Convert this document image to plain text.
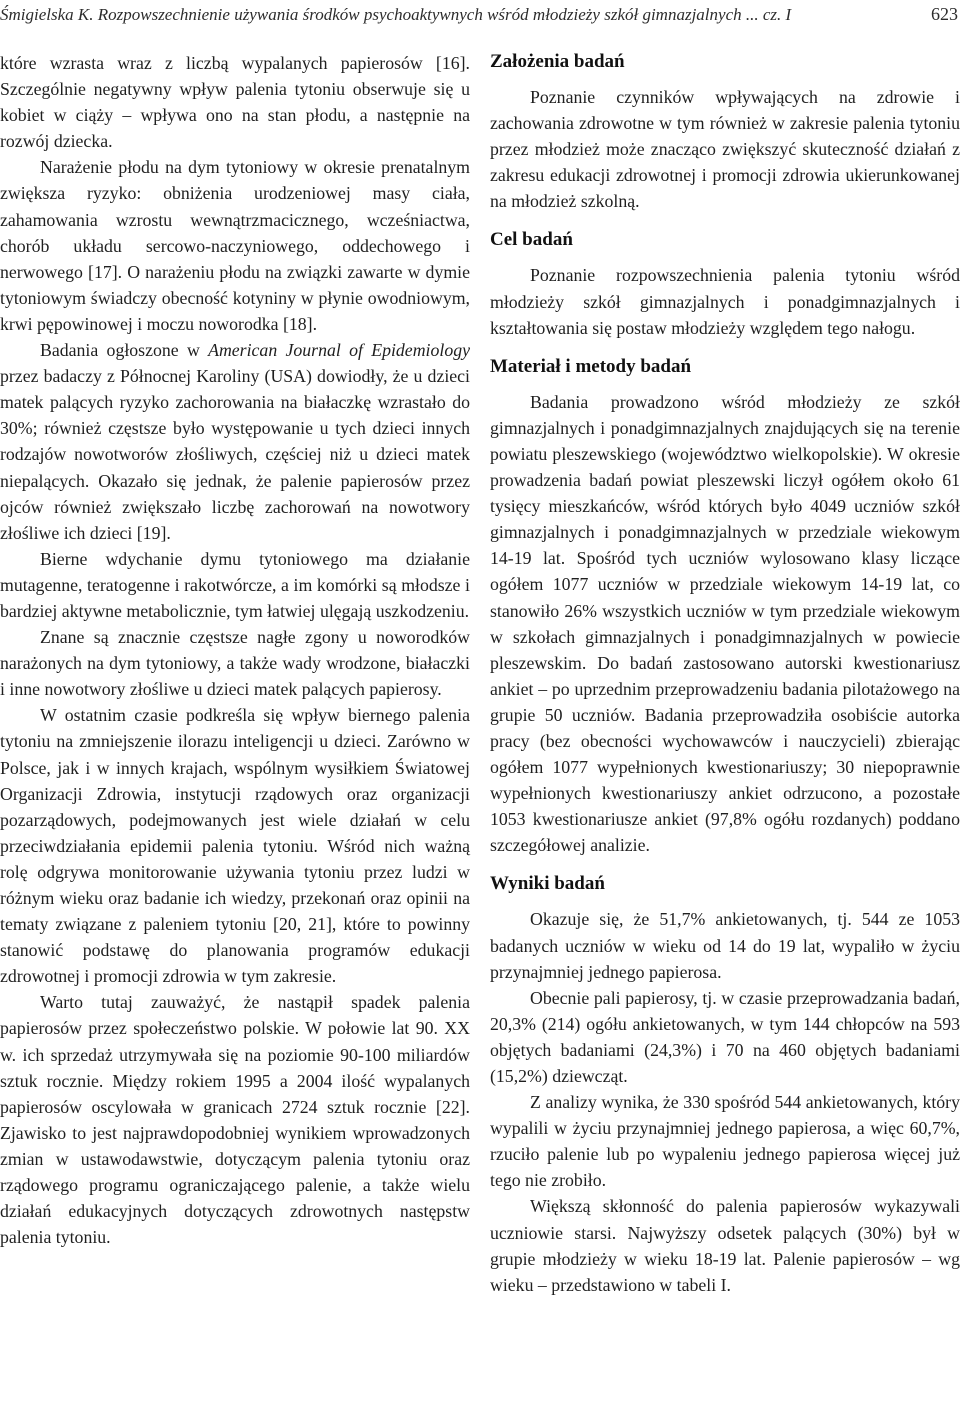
Śmigielska K. Rozpowszechnienie używania środków psychoaktywnych wśród młodzieży szkół gimnazjalnych ... cz. I	623

które wzrasta wraz z liczbą wypalanych papierosów [16]. Szczególnie negatywny wpływ palenia tytoniu obserwuje się u kobiet w ciąży – wpływa ono na stan płodu, a następnie na rozwój dziecka.

Narażenie płodu na dym tytoniowy w okresie prenatalnym zwiększa ryzyko: obniżenia urodzeniowej masy ciała, zahamowania wzrostu wewnątrzmacicznego, wcześniactwa, chorób układu sercowo-naczyniowego, oddechowego i nerwowego [17]. O narażeniu płodu na związki zawarte w dymie tytoniowym świadczy obecność kotyniny w płynie owodniowym, krwi pępowinowej i moczu noworodka [18].

Badania ogłoszone w American Journal of Epidemiology przez badaczy z Północnej Karoliny (USA) dowiodły, że u dzieci matek palących ryzyko zachorowania na białaczkę wzrastało do 30%; również częstsze było występowanie u tych dzieci innych rodzajów nowotworów złośliwych, częściej niż u dzieci matek niepalących. Okazało się jednak, że palenie papierosów przez ojców również zwiększało liczbę zachorowań na nowotwory złośliwe ich dzieci [19].

Bierne wdychanie dymu tytoniowego ma działanie mutagenne, teratogenne i rakotwórcze, a im komórki są młodsze i bardziej aktywne metabolicznie, tym łatwiej ulęgają uszkodzeniu.

Znane są znacznie częstsze nagłe zgony u noworodków narażonych na dym tytoniowy, a także wady wrodzone, białaczki i inne nowotwory złośliwe u dzieci matek palących papierosy.

W ostatnim czasie podkreśla się wpływ biernego palenia tytoniu na zmniejszenie ilorazu inteligencji u dzieci. Zarówno w Polsce, jak i w innych krajach, wspólnym wysiłkiem Światowej Organizacji Zdrowia, instytucji rządowych oraz organizacji pozarządowych, podejmowanych jest wiele działań w celu przeciwdziałania epidemii palenia tytoniu. Wśród nich ważną rolę odgrywa monitorowanie używania tytoniu przez ludzi w różnym wieku oraz badanie ich wiedzy, przekonań oraz opinii na tematy związane z paleniem tytoniu [20, 21], które to powinny stanowić podstawę do planowania programów edukacji zdrowotnej i promocji zdrowia w tym zakresie.

Warto tutaj zauważyć, że nastąpił spadek palenia papierosów przez społeczeństwo polskie. W połowie lat 90. XX w. ich sprzedaż utrzymywała się na poziomie 90-100 miliardów sztuk rocznie. Między rokiem 1995 a 2004 ilość wypalanych papierosów oscylowała w granicach 2724 sztuk rocznie [22]. Zjawisko to jest najprawdopodobniej wynikiem wprowadzonych zmian w ustawodawstwie, dotyczącym palenia tytoniu oraz rządowego programu ograniczającego palenie, a także wielu działań edukacyjnych dotyczących zdrowotnych następstw palenia tytoniu.

Założenia badań

Poznanie czynników wpływających na zdrowie i zachowania zdrowotne w tym również w zakresie palenia tytoniu przez młodzież może znacząco zwiększyć skuteczność działań z zakresu edukacji zdrowotnej i promocji zdrowia ukierunkowanej na młodzież szkolną.

Cel badań

Poznanie rozpowszechnienia palenia tytoniu wśród młodzieży szkół gimnazjalnych i ponadgimnazjalnych i kształtowania się postaw młodzieży względem tego nałogu.

Materiał i metody badań

Badania prowadzono wśród młodzieży ze szkół gimnazjalnych i ponadgimnazjalnych znajdujących się na terenie powiatu pleszewskiego (województwo wielkopolskie). W okresie prowadzenia badań powiat pleszewski liczył ogółem około 61 tysięcy mieszkańców, wśród których było 4049 uczniów szkół gimnazjalnych i ponadgimnazjalnych w przedziale wiekowym 14-19 lat. Spośród tych uczniów wylosowano klasy liczące ogółem 1077 uczniów w przedziale wiekowym 14-19 lat, co stanowiło 26% wszystkich uczniów w tym przedziale wiekowym w szkołach gimnazjalnych i ponadgimnazjalnych w powiecie pleszewskim. Do badań zastosowano autorski kwestionariusz ankiet – po uprzednim przeprowadzeniu badania pilotażowego na grupie 50 uczniów. Badania przeprowadziła osobiście autorka pracy (bez obecności wychowawców i nauczycieli) zbierając ogółem 1077 wypełnionych kwestionariuszy; 30 niepoprawnie wypełnionych kwestionariuszy ankiet odrzucono, a pozostałe 1053 kwestionariusze ankiet (97,8% ogółu rozdanych) poddano szczegółowej analizie.

Wyniki badań

Okazuje się, że 51,7% ankietowanych, tj. 544 ze 1053 badanych uczniów w wieku od 14 do 19 lat, wypaliło w życiu przynajmniej jednego papierosa.

Obecnie pali papierosy, tj. w czasie przeprowadzania badań, 20,3% (214) ogółu ankietowanych, w tym 144 chłopców na 593 objętych badaniami (24,3%) i 70 na 460 objętych badaniami (15,2%) dziewcząt.

Z analizy wynika, że 330 spośród 544 ankietowanych, który wypalili w życiu przynajmniej jednego papierosa, a więc 60,7%, rzuciło palenie lub po wypaleniu jednego papierosa więcej już tego nie zrobiło.

Większą skłonność do palenia papierosów wykazywali uczniowie starsi. Najwyższy odsetek palących (30%) był w grupie młodzieży w wieku 18-19 lat. Palenie papierosów – wg wieku – przedstawiono w tabeli I.
